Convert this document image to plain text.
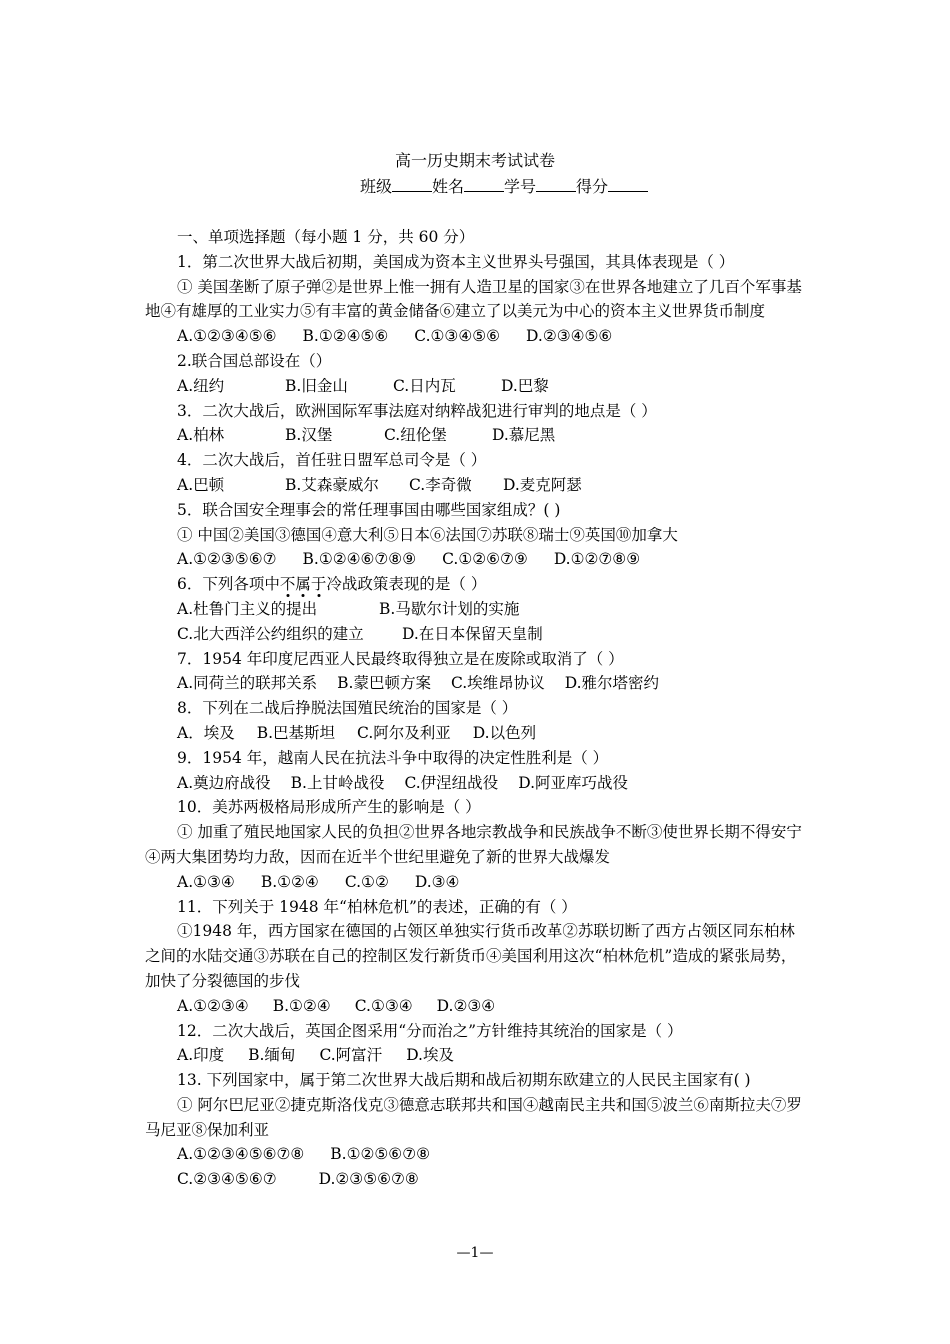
高一历史期末考试试卷
班级	姓名	学号	得分
一、单项选择题（每小题 1 分，共 60 分）
1．第二次世界大战后初期，美国成为资本主义世界头号强国，其具体表现是（ ）
① 美国垄断了原子弹②是世界上惟一拥有人造卫星的国家③在世界各地建立了几百个军事基地④有雄厚的工业实力⑤有丰富的黄金储备⑥建立了以美元为中心的资本主义世界货币制度
A.①②③④⑤⑥ B.①②④⑤⑥ C.①③④⑤⑥ D.②③④⑤⑥
2.联合国总部设在（）
A.纽约	B.旧金山	C.日内瓦	D.巴黎
3．二次大战后，欧洲国际军事法庭对纳粹战犯进行审判的地点是（ ）
A.柏林	B.汉堡	C.纽伦堡	D.慕尼黑
4．二次大战后，首任驻日盟军总司令是（ ）
A.巴顿	B.艾森豪威尔 C.李奇微 D.麦克阿瑟
5．联合国安全理事会的常任理事国由哪些国家组成？( )
① 中国②美国③德国④意大利⑤日本⑥法国⑦苏联⑧瑞士⑨英国⑩加拿大
A.①②③⑤⑥⑦ B.①②④⑥⑦⑧⑨ C.①②⑥⑦⑨ D.①②⑦⑧⑨
6．下列各项中不属于冷战政策表现的是（ ）
A.杜鲁门主义的提出	B.马歇尔计划的实施
C.北大西洋公约组织的建立 D.在日本保留天皇制
7．1954 年印度尼西亚人民最终取得独立是在废除或取消了（ ）
A.同荷兰的联邦关系 B.蒙巴顿方案 C.埃维昂协议 D.雅尔塔密约
8．下列在二战后挣脱法国殖民统治的国家是（ ）
A．埃及 B.巴基斯坦 C.阿尔及利亚 D.以色列
9．1954 年，越南人民在抗法斗争中取得的决定性胜利是（ ）
A.奠边府战役 B.上甘岭战役 C.伊涅纽战役 D.阿亚库巧战役
10．美苏两极格局形成所产生的影响是（ ）
① 加重了殖民地国家人民的负担②世界各地宗教战争和民族战争不断③使世界长期不得安宁④两大集团势均力敌，因而在近半个世纪里避免了新的世界大战爆发
A.①③④ B.①②④ C.①② D.③④
11．下列关于 1948 年“柏林危机”的表述，正确的有（ ）
①1948 年，西方国家在德国的占领区单独实行货币改革②苏联切断了西方占领区同东柏林之间的水陆交通③苏联在自己的控制区发行新货币④美国利用这次“柏林危机”造成的紧张局势，加快了分裂德国的步伐
A.①②③④ B.①②④ C.①③④ D.②③④
12．二次大战后，英国企图采用“分而治之”方针维持其统治的国家是（ ）
A.印度 B.缅甸 C.阿富汗 D.埃及
13. 下列国家中，属于第二次世界大战后期和战后初期东欧建立的人民民主国家有( )
① 阿尔巴尼亚②捷克斯洛伐克③德意志联邦共和国④越南民主共和国⑤波兰⑥南斯拉夫⑦罗马尼亚⑧保加利亚
A.①②③④⑤⑥⑦⑧ B.①②⑤⑥⑦⑧
C.②③④⑤⑥⑦	D.②③⑤⑥⑦⑧
—1—
